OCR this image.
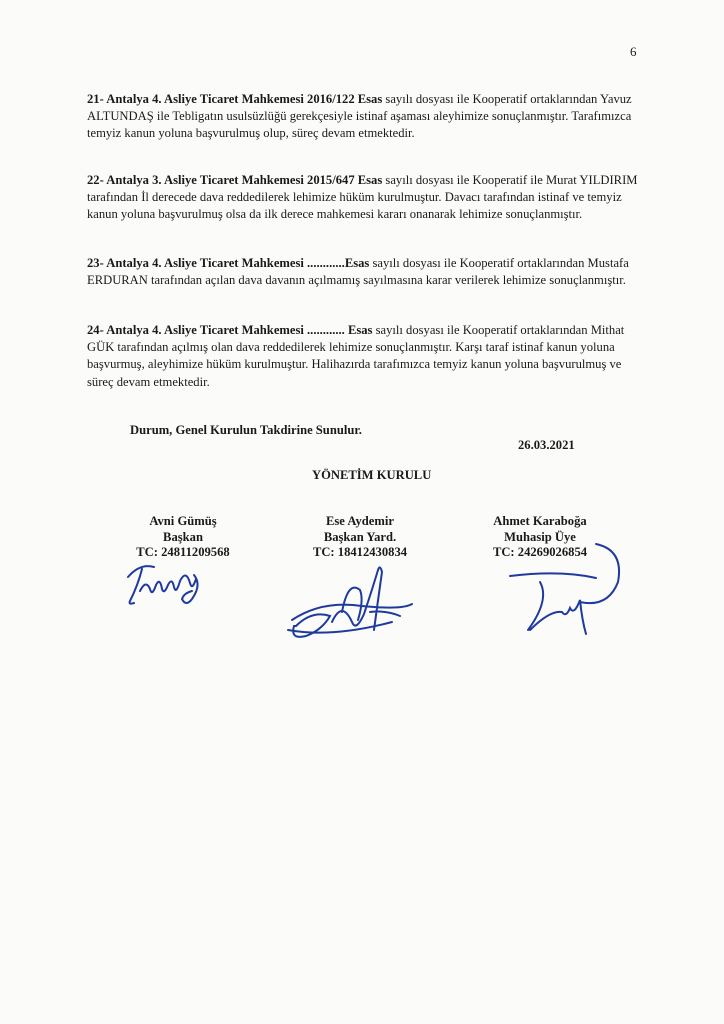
6

21- Antalya 4. Asliye Ticaret Mahkemesi 2016/122 Esas sayılı dosyası ile Kooperatif ortaklarından Yavuz ALTUNDAŞ ile Tebligatın usulsüzlüğü gerekçesiyle istinaf aşaması aleyhimize sonuçlanmıştır. Tarafımızca temyiz kanun yoluna başvurulmuş olup, süreç devam etmektedir.

22- Antalya 3. Asliye Ticaret Mahkemesi 2015/647 Esas sayılı dosyası ile Kooperatif ile Murat YILDIRIM tarafından İl derecede dava reddedilerek lehimize hüküm kurulmuştur. Davacı tarafından istinaf ve temyiz kanun yoluna başvurulmuş olsa da ilk derece mahkemesi kararı onanarak lehimize sonuçlanmıştır.

23- Antalya 4. Asliye Ticaret Mahkemesi ............Esas sayılı dosyası ile Kooperatif ortaklarından Mustafa ERDURAN tarafından açılan dava davanın açılmamış sayılmasına karar verilerek lehimize sonuçlanmıştır.

24- Antalya 4. Asliye Ticaret Mahkemesi ............ Esas sayılı dosyası ile Kooperatif ortaklarından Mithat GÜK tarafından açılmış olan dava reddedilerek lehimize sonuçlanmıştır. Karşı taraf istinaf kanun yoluna başvurmuş, aleyhimize hüküm kurulmuştur. Halihazırda tarafımızca temyiz kanun yoluna başvurulmuş ve süreç devam etmektedir.

Durum, Genel Kurulun Takdirine Sunulur.
26.03.2021
YÖNETİM KURULU
Avni Gümüş
Başkan
TC: 24811209568
Ese Aydemir
Başkan Yard.
TC: 18412430834
Ahmet Karaboğa
Muhasip Üye
TC: 24269026854
